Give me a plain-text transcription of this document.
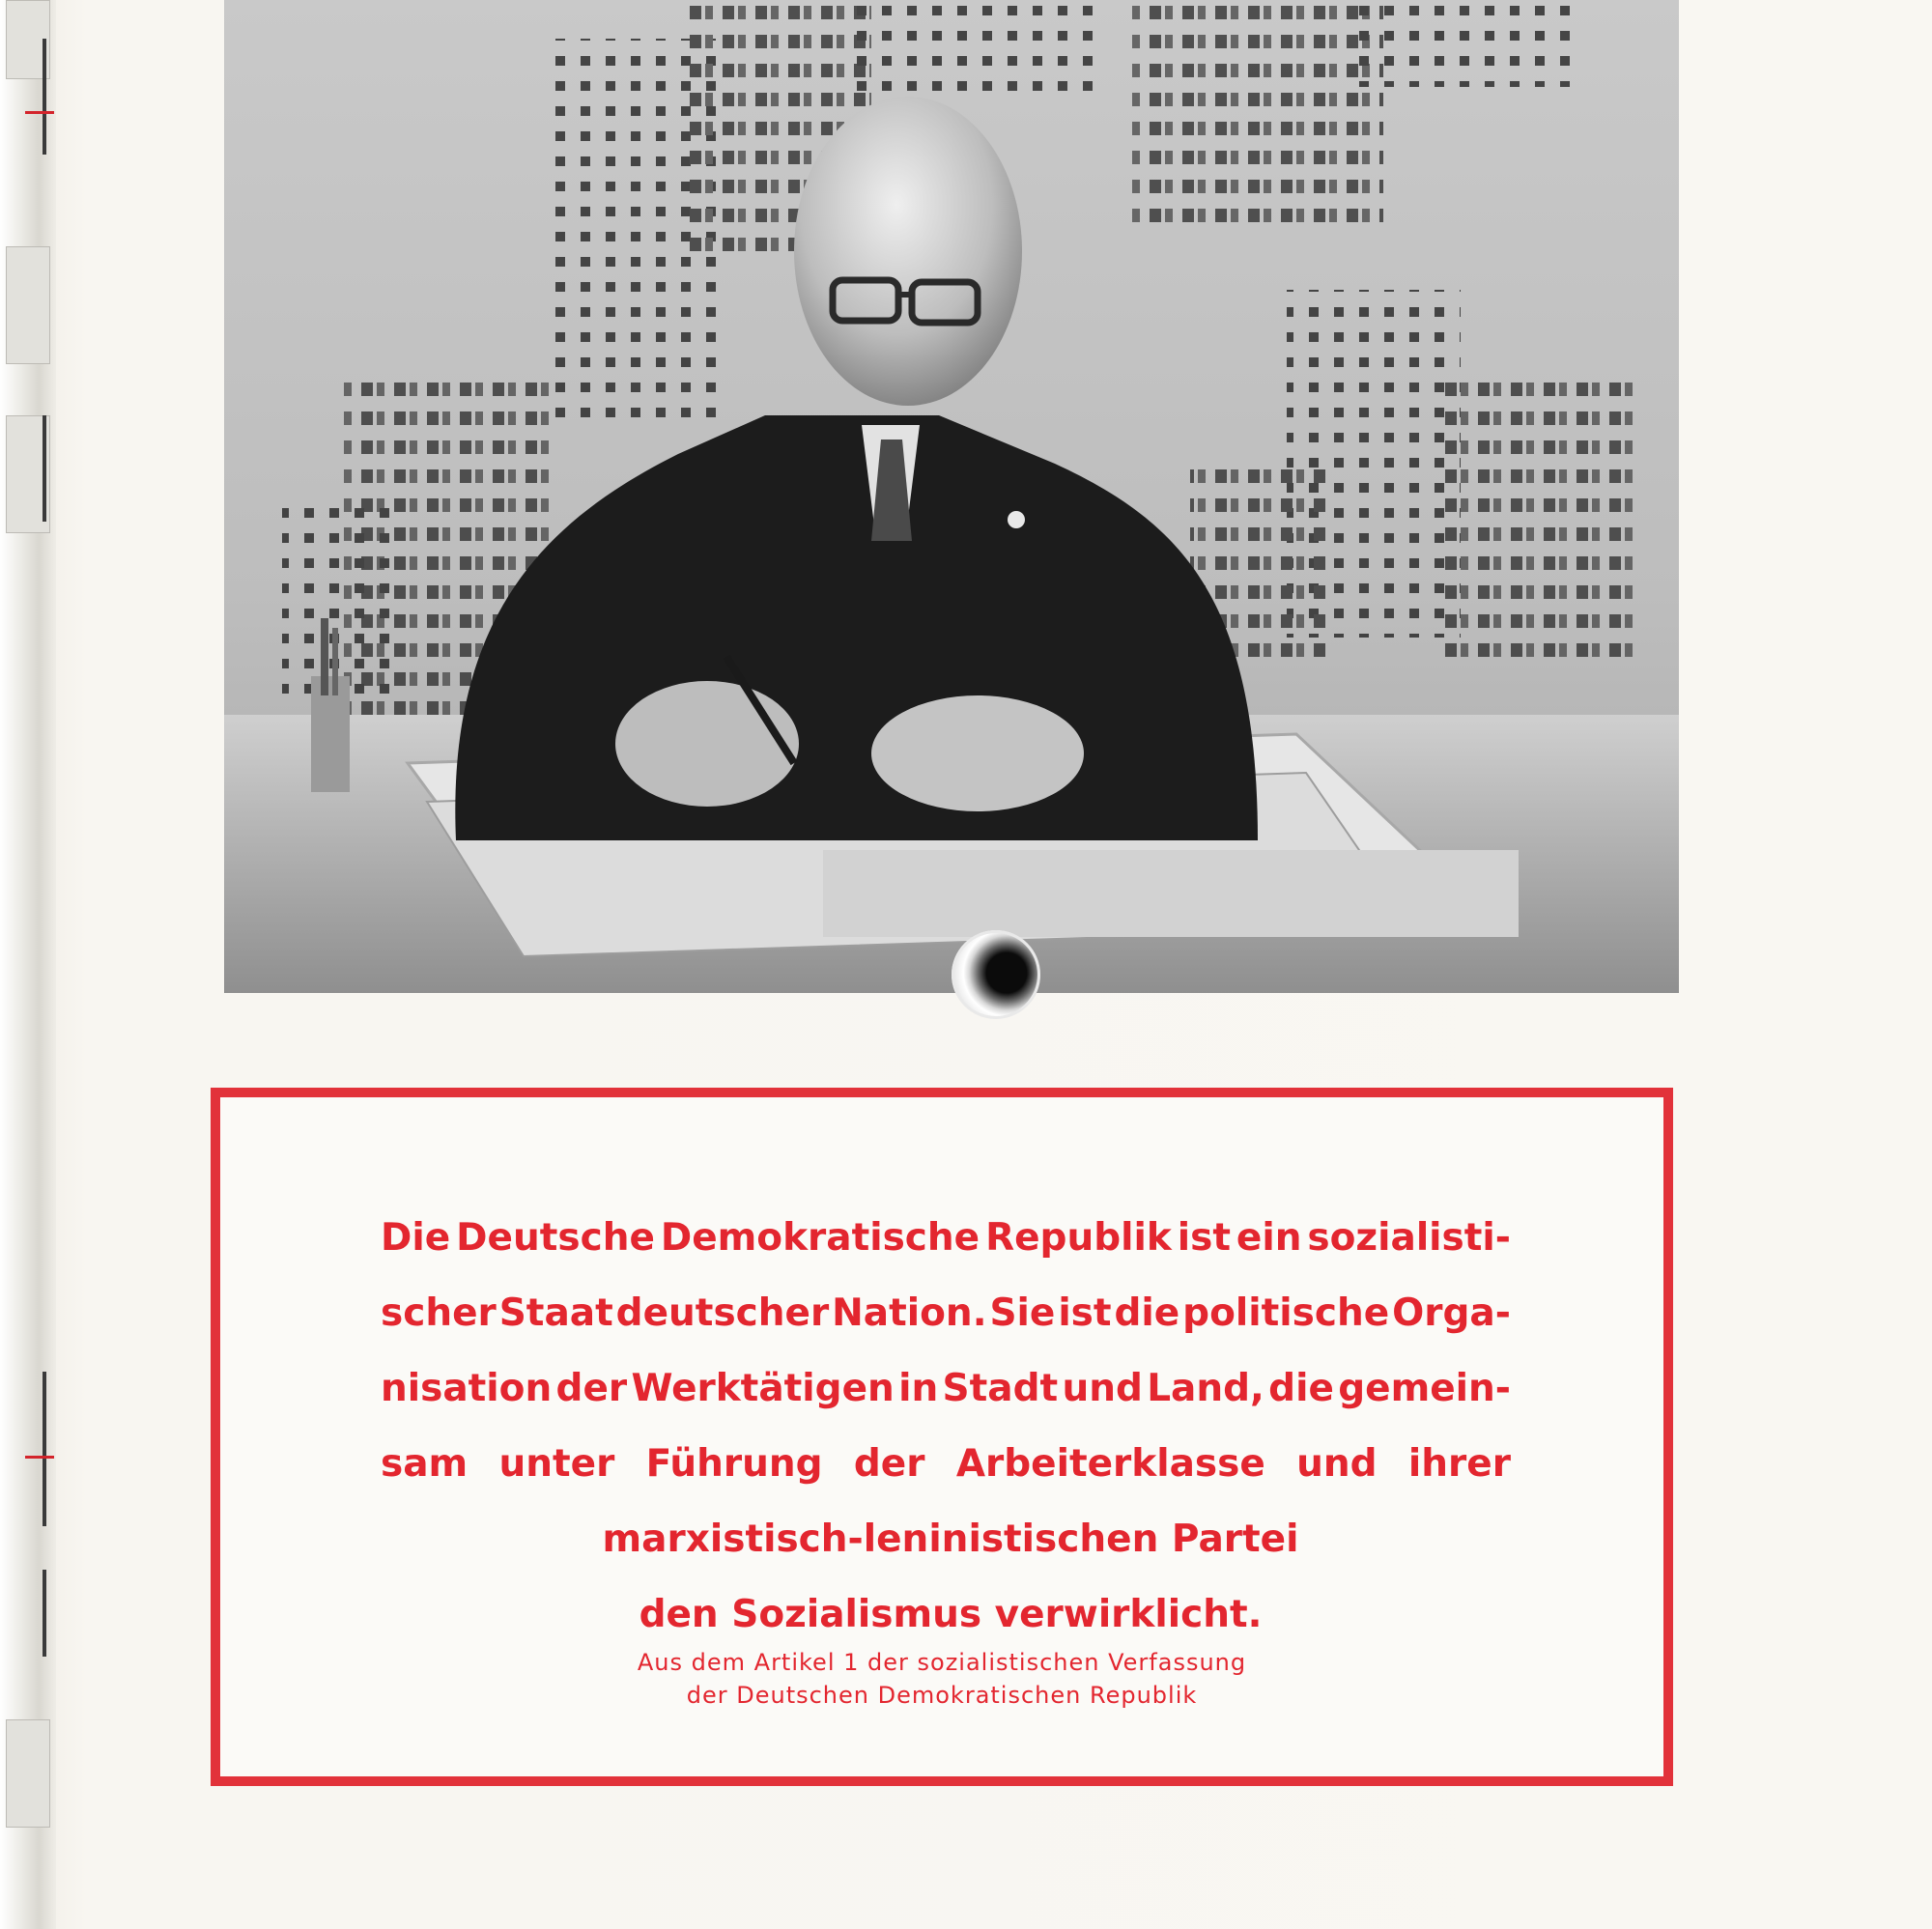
Die Deutsche Demokratische Republik ist ein sozialisti-
scher Staat deutscher Nation. Sie ist die politische Orga-
nisation der Werktätigen in Stadt und Land, die gemein-
sam unter Führung der Arbeiterklasse und ihrer
marxistisch-leninistischen Partei
den Sozialismus verwirklicht.
Aus dem Artikel 1 der sozialistischen Verfassung
der Deutschen Demokratischen Republik
